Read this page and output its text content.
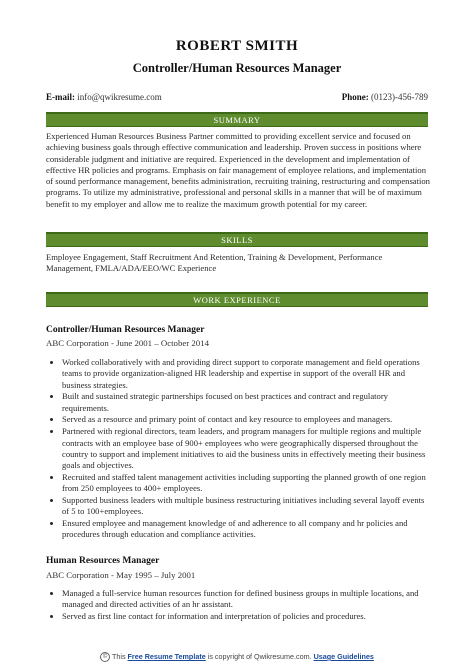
ROBERT SMITH
Controller/Human Resources Manager
E-mail: info@qwikresume.com	Phone: (0123)-456-789
SUMMARY

Experienced Human Resources Business Partner committed to providing excellent service and focused on achieving business goals through effective communication and leadership. Proven success in positions where considerable judgment and initiative are required. Experienced in the development and implementation of effective HR policies and programs. Emphasis on fair management of employee relations, and implementation of sound performance management, benefits administration, recruiting training, restructuring and compensation programs. To utilize my administrative, professional and personal skills in a manner that will be of maximum benefit to my employer and allow me to realize the maximum growth potential for my career.

SKILLS

Employee Engagement, Staff Recruitment And Retention, Training & Development, Performance Management, FMLA/ADA/EEO/WC Experience

WORK EXPERIENCE
Controller/Human Resources Manager
ABC Corporation - June 2001 – October 2014
• Worked collaboratively with and providing direct support to corporate management and field operations teams to provide organization-aligned HR leadership and expertise in support of the overall HR and business strategies.
• Built and sustained strategic partnerships focused on best practices and contract and regulatory requirements.
• Served as a resource and primary point of contact and key resource to employees and managers.
• Partnered with regional directors, team leaders, and program managers for multiple regions and multiple contracts with an employee base of 900+ employees who were geographically dispersed throughout the country to support and implement initiatives to aid the business units in effectively meeting their business goals and objectives.
• Recruited and staffed talent management activities including supporting the planned growth of one region from 250 employees to 400+ employees.
• Supported business leaders with multiple business restructuring initiatives including several layoff events of 5 to 100+employees.
• Ensured employee and management knowledge of and adherence to all company and hr policies and procedures through education and compliance activities.
Human Resources Manager
ABC Corporation - May 1995 – July 2001
• Managed a full-service human resources function for defined business groups in multiple locations, and managed and directed activities of an hr assistant.
• Served as first line contact for information and interpretation of policies and procedures.
© This Free Resume Template is copyright of Qwikresume.com. Usage Guidelines
